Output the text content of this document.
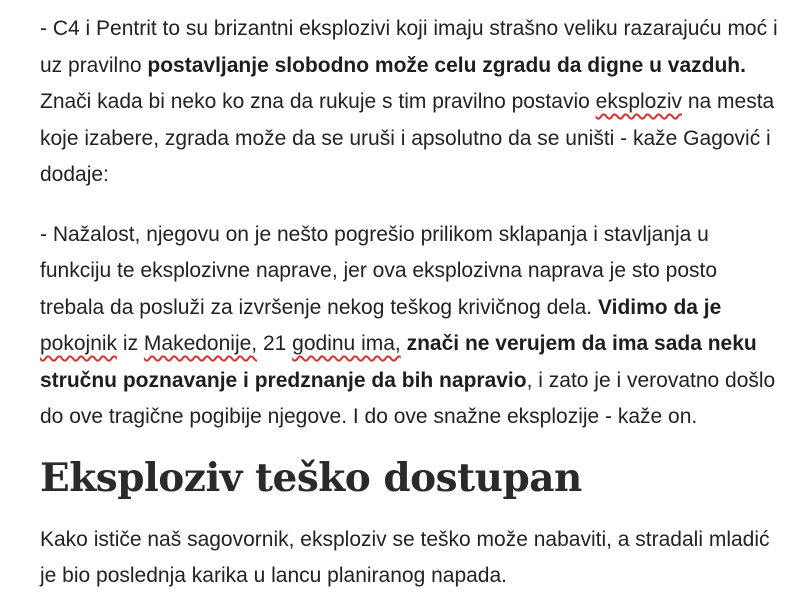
- C4 i Pentrit to su brizantni eksplozivi koji imaju strašno veliku razarajuću moć i uz pravilno postavljanje slobodno može celu zgradu da digne u vazduh. Znači kada bi neko ko zna da rukuje s tim pravilno postavio eksploziv na mesta koje izabere, zgrada može da se uruši i apsolutno da se uništi - kaže Gagović i dodaje:

- Nažalost, njegovu on je nešto pogrešio prilikom sklapanja i stavljanja u funkciju te eksplozivne naprave, jer ova eksplozivna naprava je sto posto trebala da posluži za izvršenje nekog teškog krivičnog dela. Vidimo da je pokojnik iz Makedonije, 21 godinu ima, znači ne verujem da ima sada neku stručnu poznavanje i predznanje da bih napravio, i zato je i verovatno došlo do ove tragične pogibije njegove. I do ove snažne eksplozije - kaže on.

Eksploziv teško dostupan

Kako ističe naš sagovornik, eksploziv se teško može nabaviti, a stradali mladić je bio poslednja karika u lancu planiranog napada.
